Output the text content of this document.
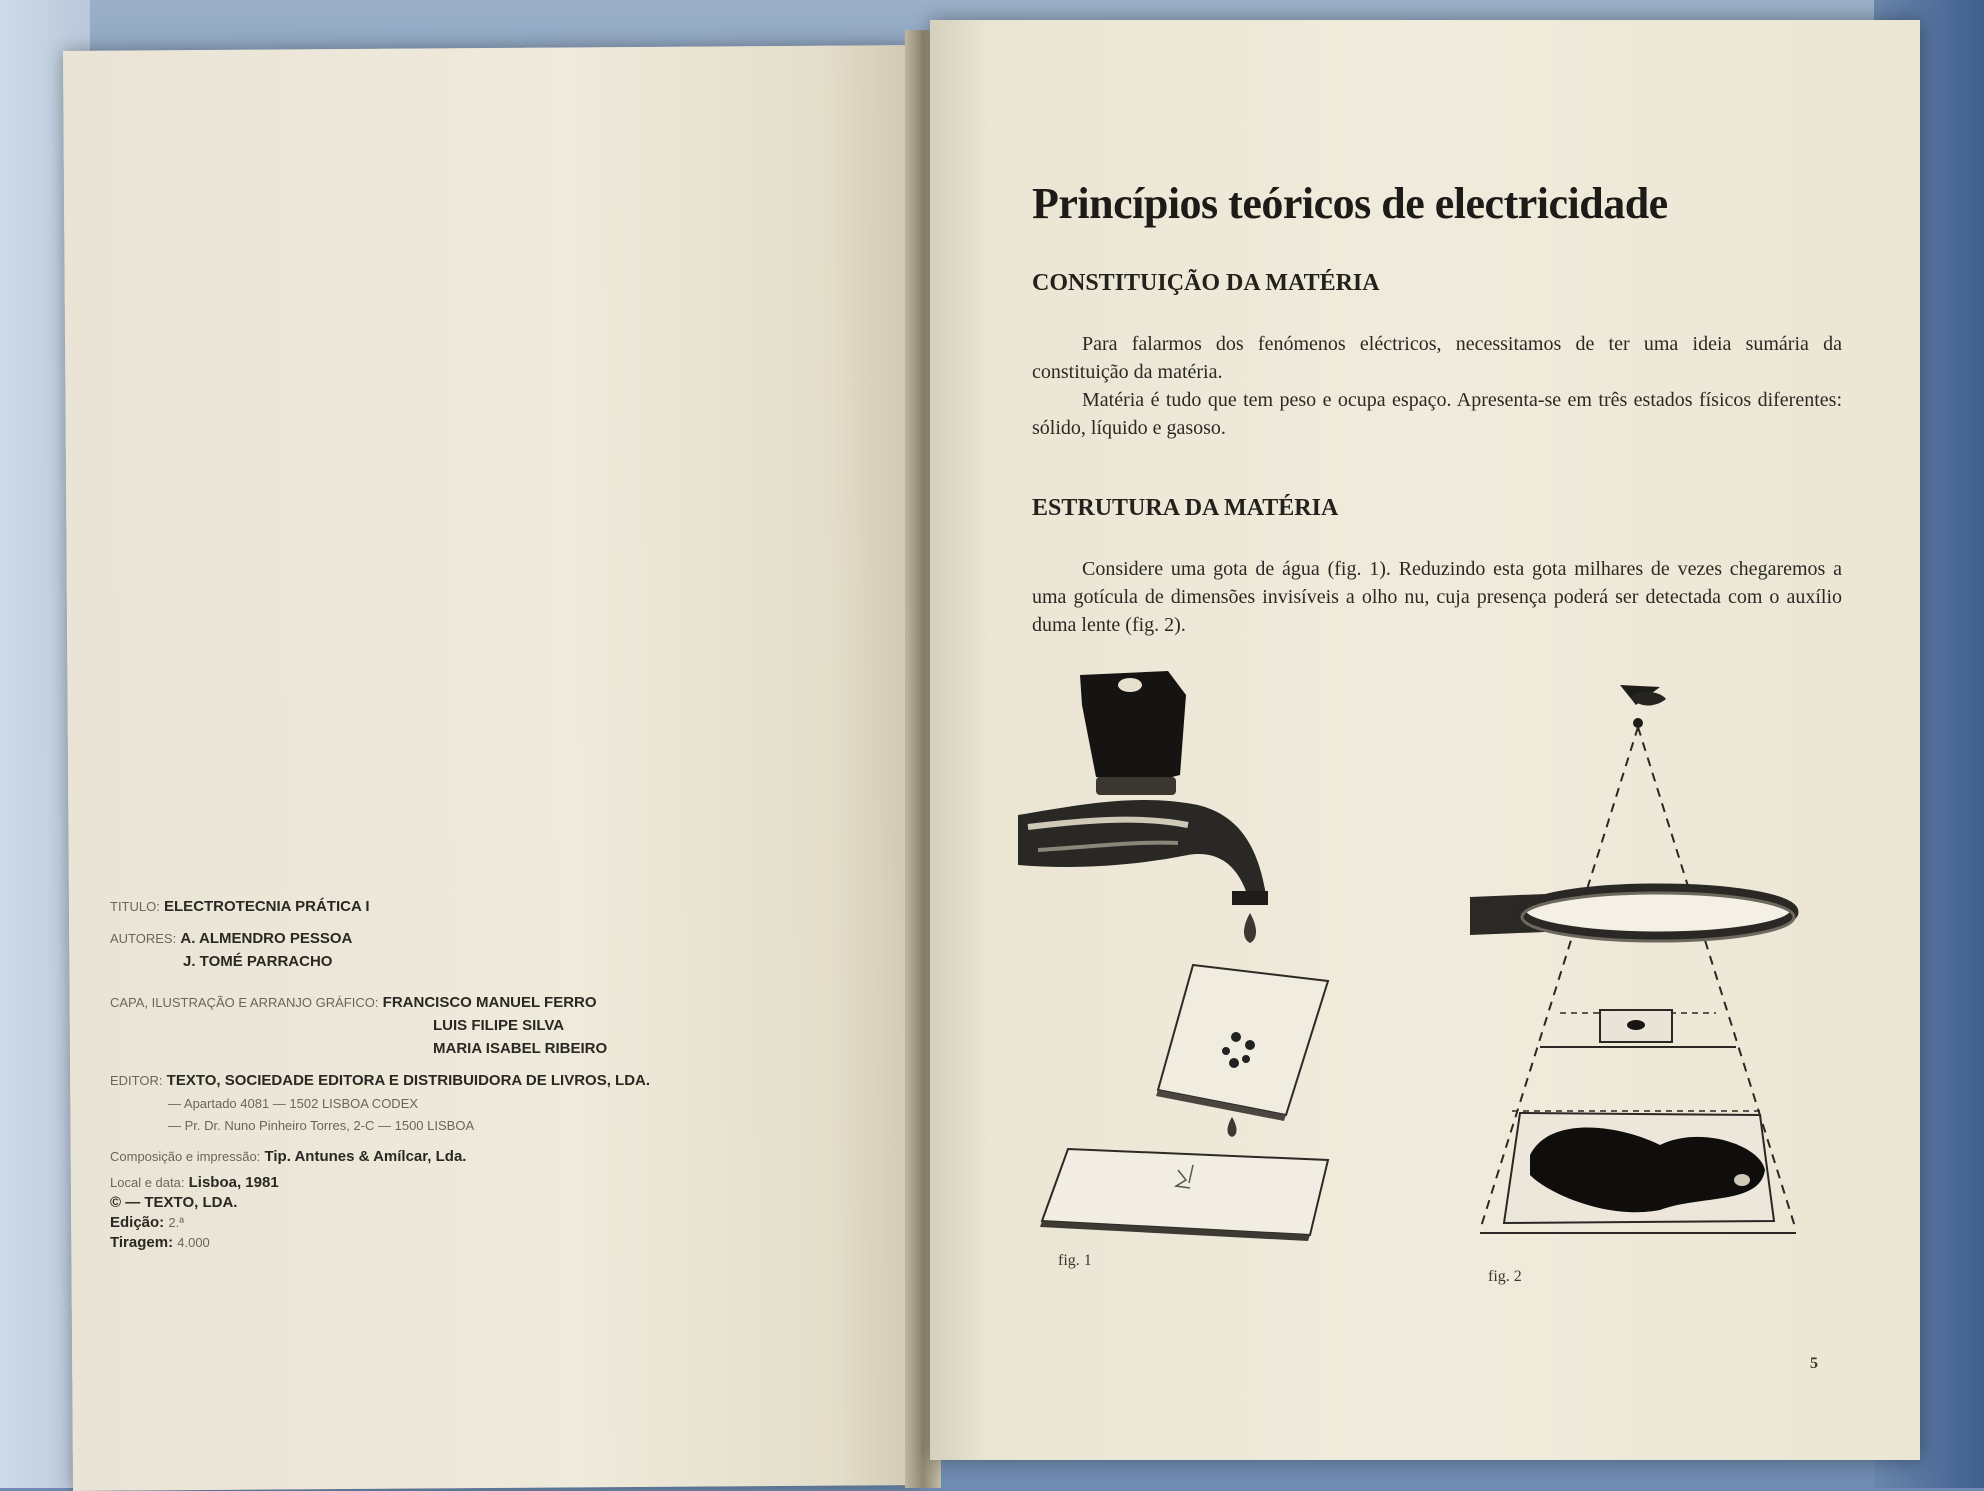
TITULO: ELECTROTECNIA PRÁTICA I
AUTORES: A. ALMENDRO PESSOA
J. TOMÉ PARRACHO
CAPA, ILUSTRAÇÃO E ARRANJO GRÁFICO: FRANCISCO MANUEL FERRO
LUIS FILIPE SILVA
MARIA ISABEL RIBEIRO
EDITOR: TEXTO, SOCIEDADE EDITORA E DISTRIBUIDORA DE LIVROS, LDA.
— Apartado 4081 — 1502 LISBOA CODEX
— Pr. Dr. Nuno Pinheiro Torres, 2-C — 1500 LISBOA
Composição e impressão: Tip. Antunes & Amílcar, Lda.
Local e data: Lisboa, 1981
© — TEXTO, LDA.
Edição: 2.ª
Tiragem: 4.000
Princípios teóricos de electricidade
CONSTITUIÇÃO DA MATÉRIA

Para falarmos dos fenómenos eléctricos, necessitamos de ter uma ideia sumária da constituição da matéria.

Matéria é tudo que tem peso e ocupa espaço. Apresenta-se em três estados físicos diferentes: sólido, líquido e gasoso.

ESTRUTURA DA MATÉRIA

Considere uma gota de água (fig. 1). Reduzindo esta gota milhares de vezes chegaremos a uma gotícula de dimensões invisíveis a olho nu, cuja presença poderá ser detectada com o auxílio duma lente (fig. 2).

fig. 1
fig. 2
5
